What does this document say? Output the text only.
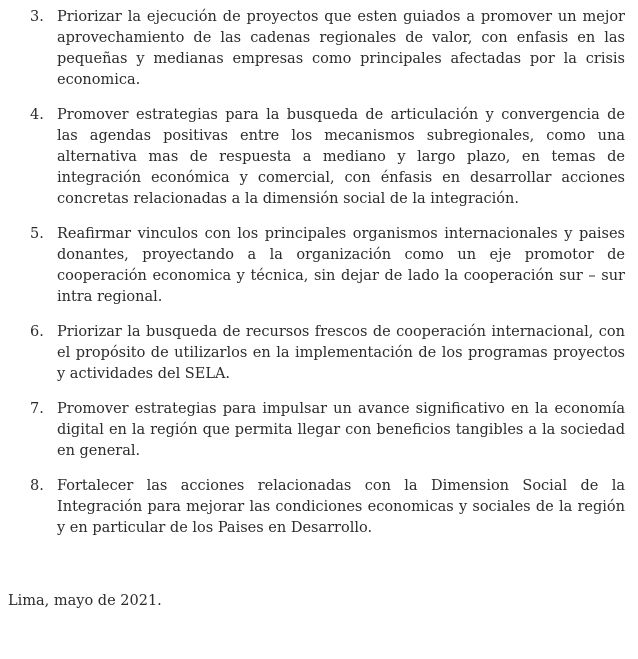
3. Priorizar la ejecución de proyectos que esten guiados a promover un mejor aprovechamiento de las cadenas regionales de valor, con enfasis en las pequeñas y medianas empresas como principales afectadas por la crisis economica.
4. Promover estrategias para la busqueda de articulación y convergencia de las agendas positivas entre los mecanismos subregionales, como una alternativa mas de respuesta a mediano y largo plazo, en temas de integración económica y comercial, con énfasis en desarrollar acciones concretas relacionadas a la dimensión social de la integración.
5. Reafirmar vinculos con los principales organismos internacionales y paises donantes, proyectando a la organización como un eje promotor de cooperación economica y técnica, sin dejar de lado la cooperación sur – sur intra regional.
6. Priorizar la busqueda de recursos frescos de cooperación internacional, con el propósito de utilizarlos en la implementación de los programas proyectos y actividades del SELA.
7. Promover estrategias para impulsar un avance significativo en la economía digital en la región que permita llegar con beneficios tangibles a la sociedad en general.
8. Fortalecer las acciones relacionadas con la Dimension Social de la Integración para mejorar las condiciones economicas y sociales de la región y en particular de los Paises en Desarrollo.
Lima, mayo de 2021.
